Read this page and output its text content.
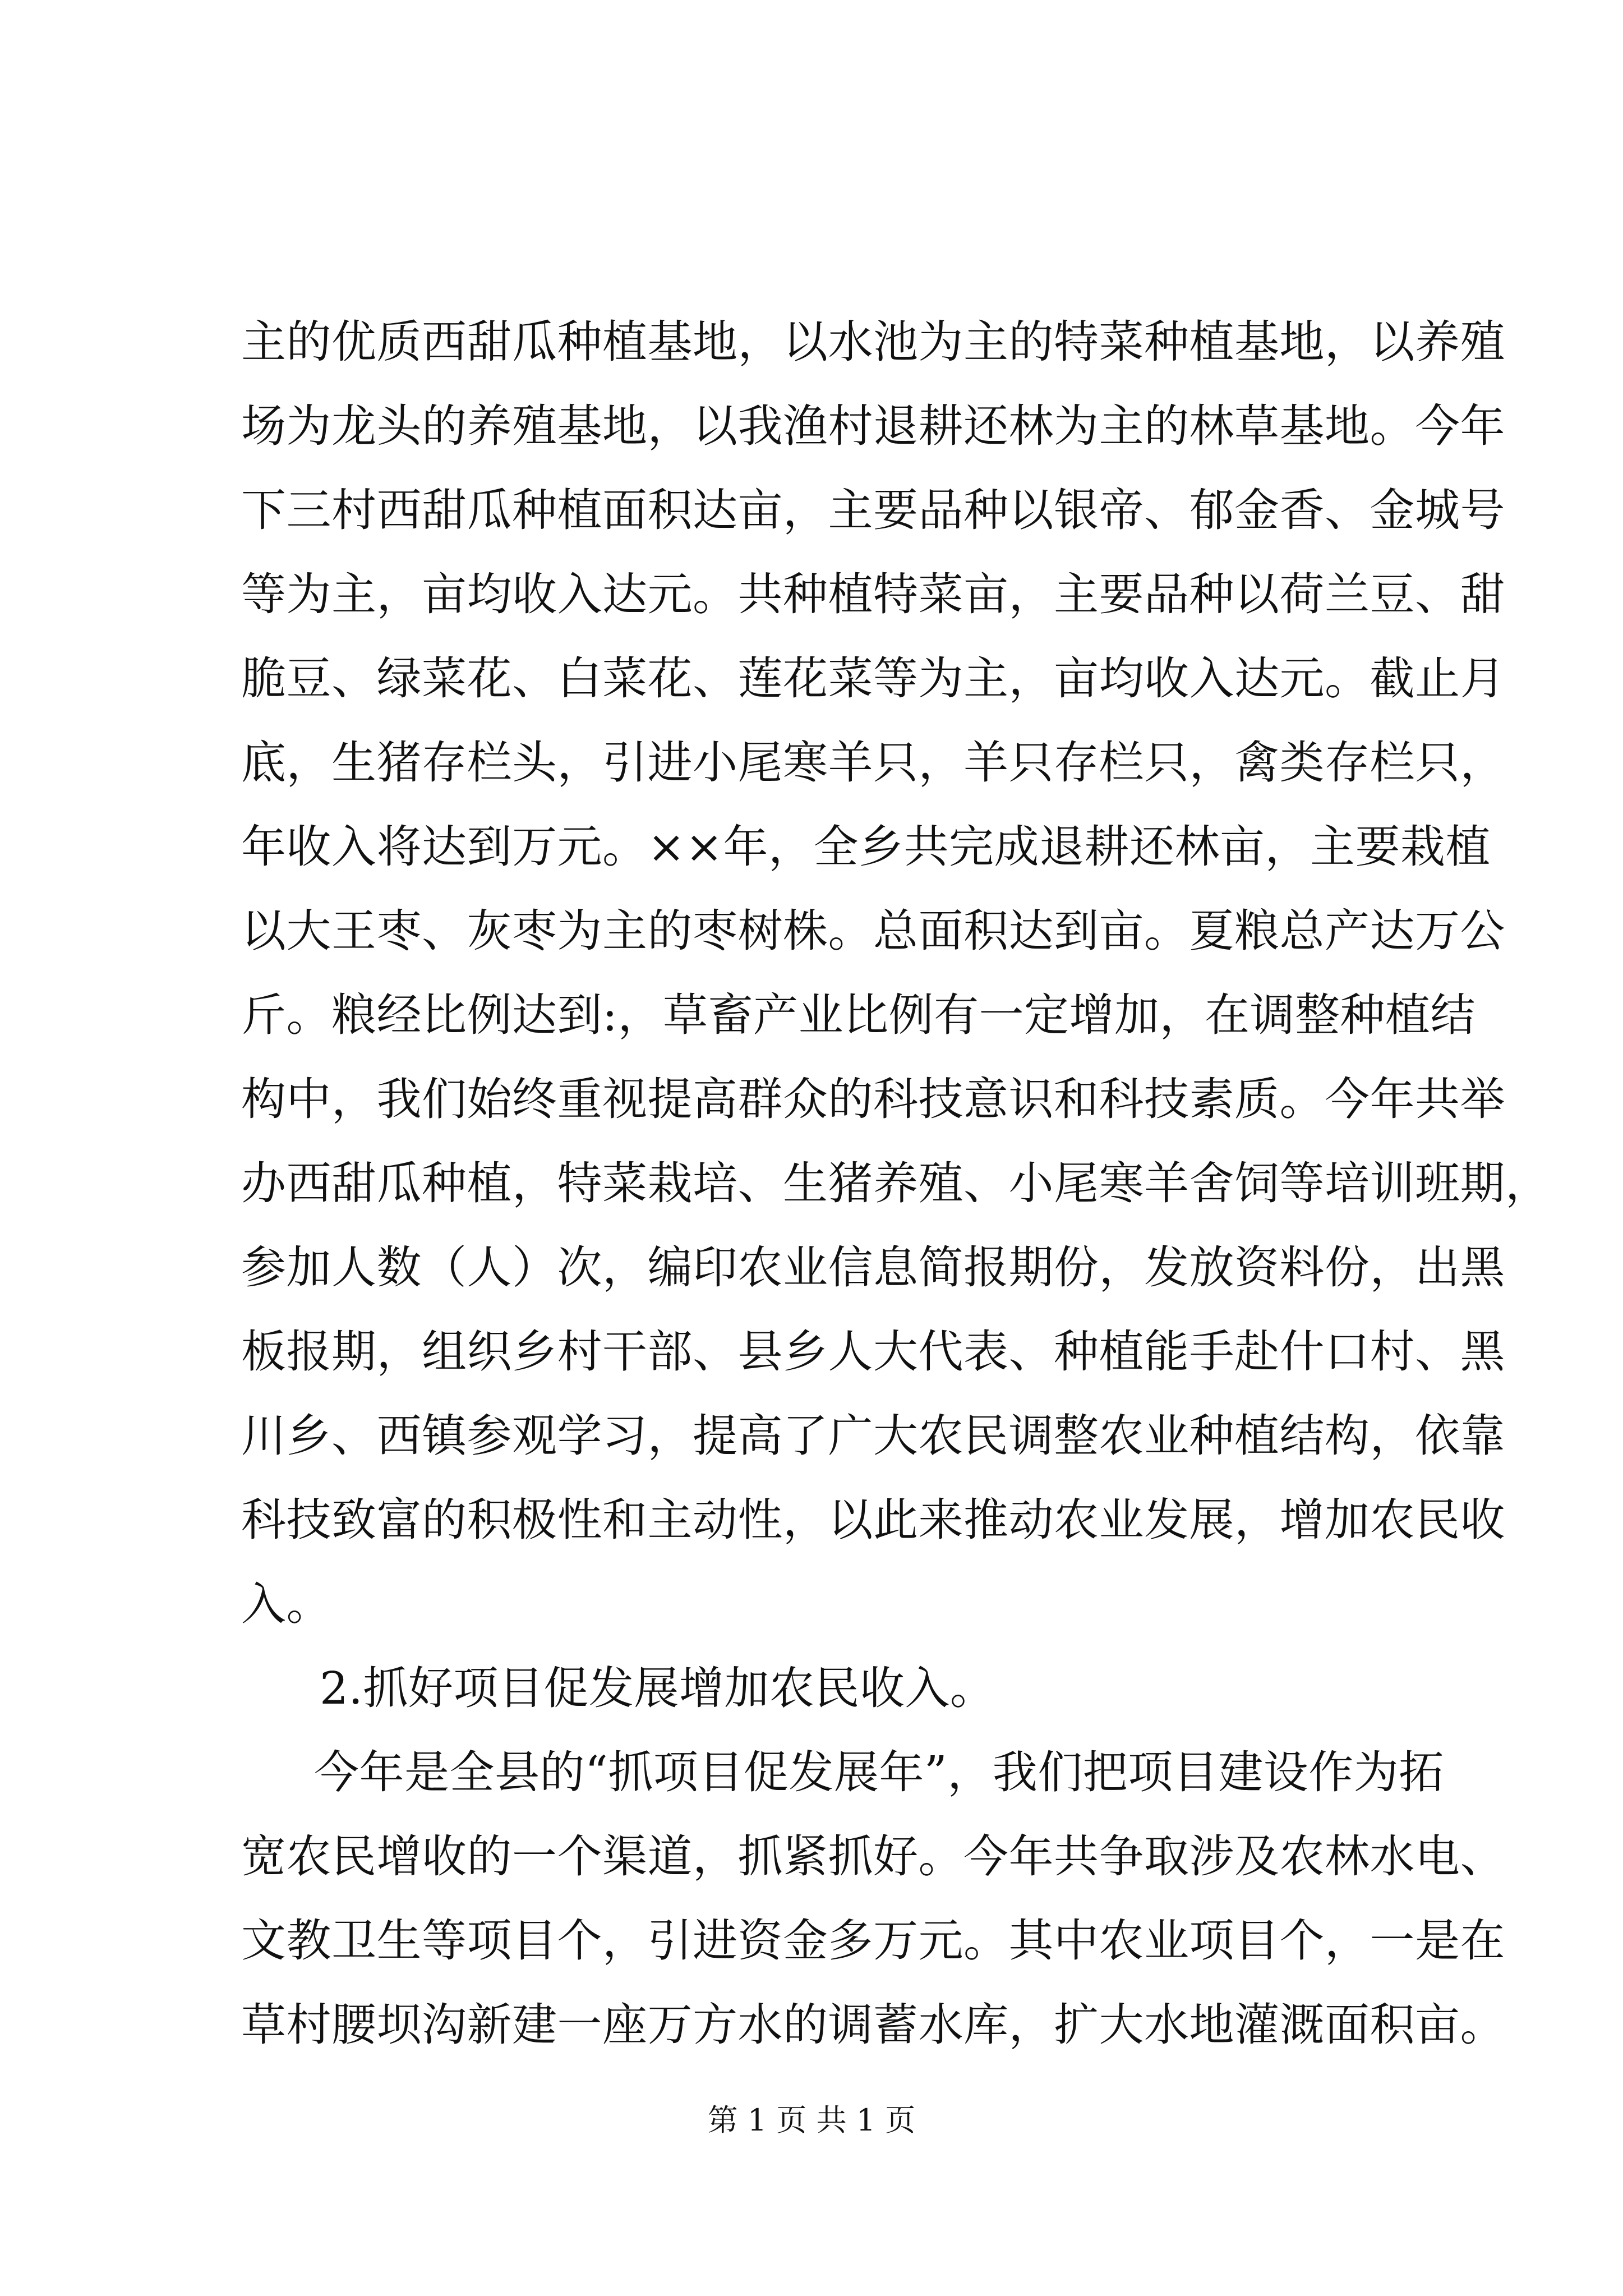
主的优质西甜瓜种植基地，以水池为主的特菜种植基地，以养殖
场为龙头的养殖基地，以我渔村退耕还林为主的林草基地。今年
下三村西甜瓜种植面积达亩，主要品种以银帝、郁金香、金城号
等为主，亩均收入达元。共种植特菜亩，主要品种以荷兰豆、甜
脆豆、绿菜花、白菜花、莲花菜等为主，亩均收入达元。截止月
底，生猪存栏头，引进小尾寒羊只，羊只存栏只，禽类存栏只，
年收入将达到万元。××年，全乡共完成退耕还林亩，主要栽植
以大王枣、灰枣为主的枣树株。总面积达到亩。夏粮总产达万公
斤。粮经比例达到:，草畜产业比例有一定增加，在调整种植结
构中，我们始终重视提高群众的科技意识和科技素质。今年共举
办西甜瓜种植，特菜栽培、生猪养殖、小尾寒羊舍饲等培训班期，
参加人数（人）次，编印农业信息简报期份，发放资料份，出黑
板报期，组织乡村干部、县乡人大代表、种植能手赴什口村、黑
川乡、西镇参观学习，提高了广大农民调整农业种植结构，依靠
科技致富的积极性和主动性，以此来推动农业发展，增加农民收
入。
2.抓好项目促发展增加农民收入。
今年是全县的“抓项目促发展年”，我们把项目建设作为拓
宽农民增收的一个渠道，抓紧抓好。今年共争取涉及农林水电、
文教卫生等项目个，引进资金多万元。其中农业项目个，一是在
草村腰坝沟新建一座万方水的调蓄水库，扩大水地灌溉面积亩。
第 1 页 共 1 页
